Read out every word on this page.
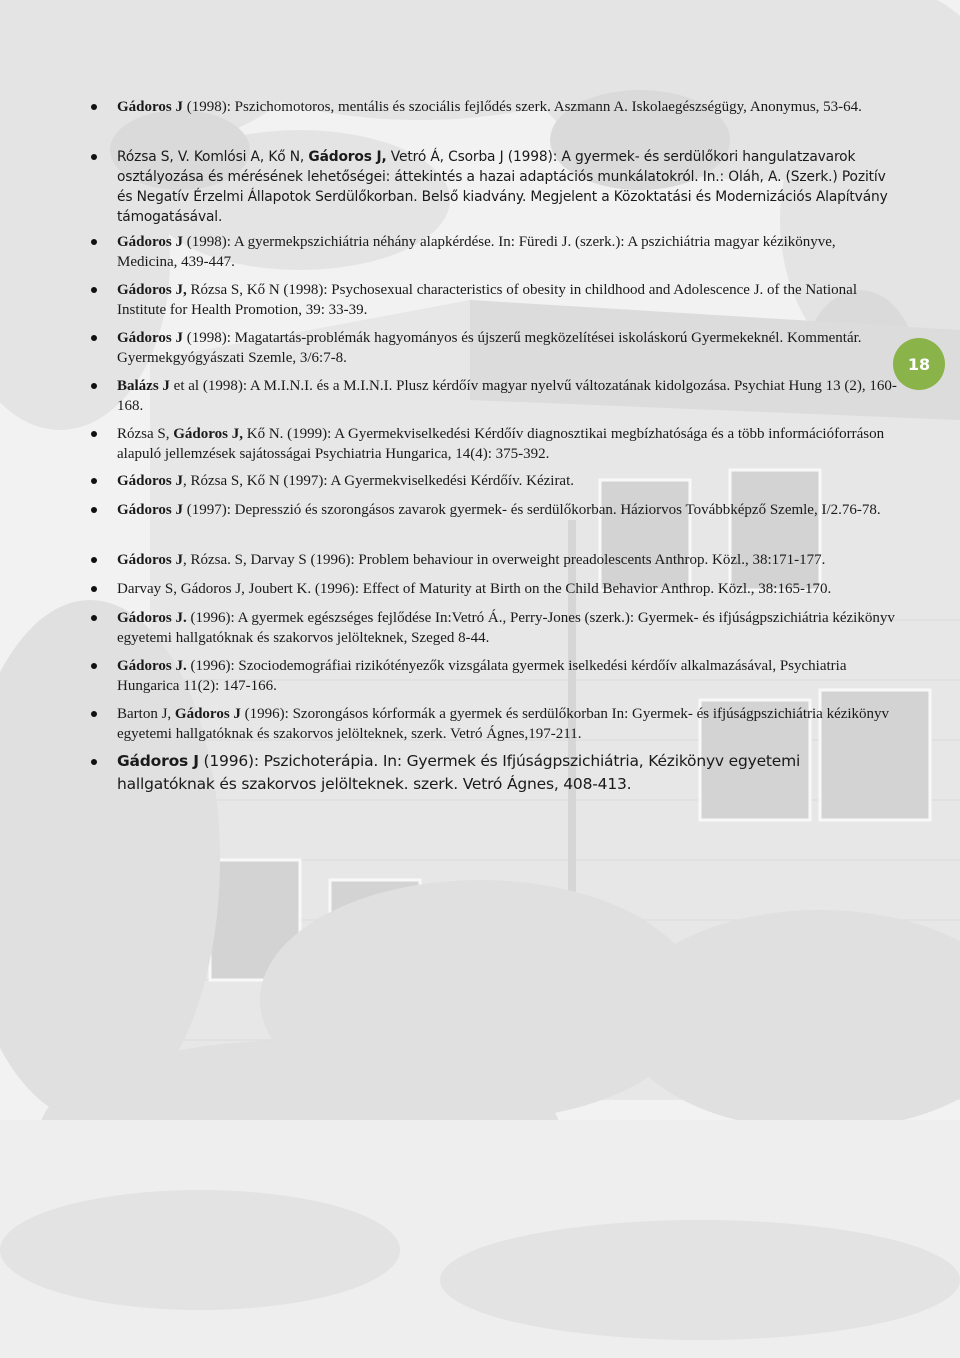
Gádoros J (1998): Pszichomotoros, mentális és szociális fejlődés szerk. Aszmann A. Iskolaegészségügy, Anonymus, 53-64.
Rózsa S, V. Komlósi A, Kő N, Gádoros J, Vetró Á, Csorba J (1998): A gyermek- és serdülőkori hangulatzavarok osztályozása és mérésének lehetőségei: áttekintés a hazai adaptációs munkálatokról. In.: Oláh, A. (Szerk.) Pozitív és Negatív Érzelmi Állapotok Serdülőkorban. Belső kiadvány. Megjelent a Közoktatási és Modernizációs Alapítvány támogatásával.
Gádoros J (1998): A gyermekpszichiátria néhány alapkérdése. In: Füredi J. (szerk.): A pszichiátria magyar kézikönyve, Medicina, 439-447.
Gádoros J, Rózsa S, Kő N (1998): Psychosexual characteristics of obesity in childhood and Adolescence J. of the National Institute for Health Promotion, 39: 33-39.
Gádoros J (1998): Magatartás-problémák hagyományos és újszerű megközelítései iskoláskorú Gyermekeknél. Kommentár. Gyermekgyógyászati Szemle, 3/6:7-8.
Balázs J et al (1998): A M.I.N.I. és a M.I.N.I. Plusz kérdőív magyar nyelvű változatának kidolgozása. Psychiat Hung 13 (2), 160-168.
Rózsa S, Gádoros J, Kő N. (1999): A Gyermekviselkedési Kérdőív diagnosztikai megbízhatósága és a több információforráson alapuló jellemzések sajátosságai Psychiatria Hungarica, 14(4): 375-392.
Gádoros J, Rózsa S, Kő N (1997): A Gyermekviselkedési Kérdőív. Kézirat.
Gádoros J (1997): Depresszió és szorongásos zavarok gyermek- és serdülőkorban. Háziorvos Továbbképző Szemle, I/2.76-78.
Gádoros J, Rózsa. S, Darvay S (1996): Problem behaviour in overweight preadolescents Anthrop. Közl., 38:171-177.
Darvay S, Gádoros J, Joubert K. (1996): Effect of Maturity at Birth on the Child Behavior Anthrop. Közl., 38:165-170.
Gádoros J. (1996): A gyermek egészséges fejlődése In:Vetró Á., Perry-Jones (szerk.): Gyermek- és ifjúságpszichiátria kézikönyv egyetemi hallgatóknak és szakorvos jelölteknek, Szeged 8-44.
Gádoros J. (1996): Szociodemográfiai rizikótényezők vizsgálata gyermek iselkedési kérdőív alkalmazásával, Psychiatria Hungarica 11(2): 147-166.
Barton J, Gádoros J (1996): Szorongásos kórformák a gyermek és serdülőkorban In: Gyermek- és ifjúságpszichiátria kézikönyv egyetemi hallgatóknak és szakorvos jelölteknek, szerk. Vetró Ágnes,197-211.
Gádoros J (1996): Pszichoterápia. In: Gyermek és Ifjúságpszichiátria, Kézikönyv egyetemi hallgatóknak és szakorvos jelölteknek. szerk. Vetró Ágnes, 408-413.
18
